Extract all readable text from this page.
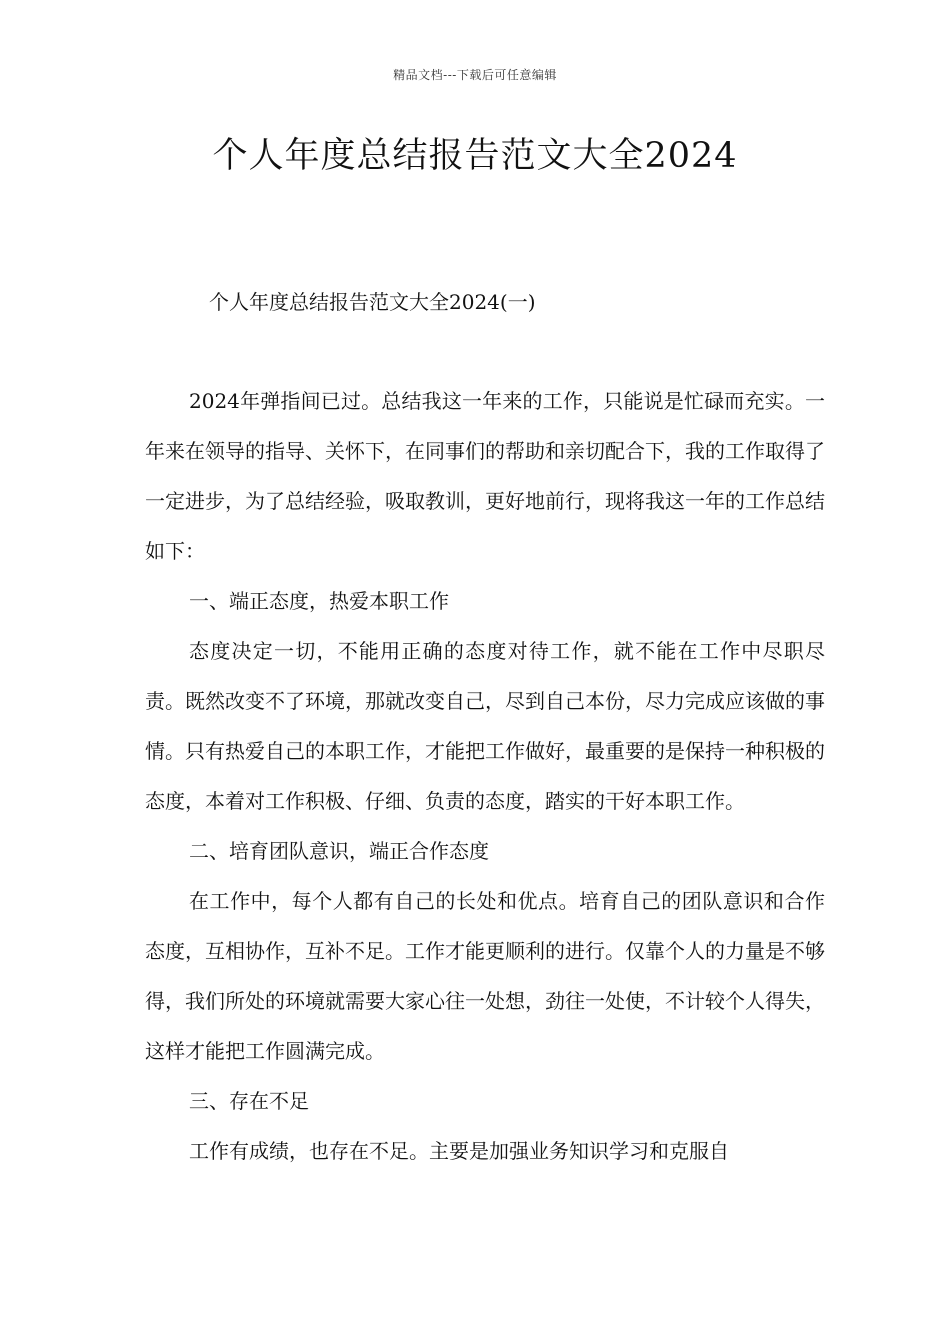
精品文档---下载后可任意编辑
个人年度总结报告范文大全2024
个人年度总结报告范文大全2024(一)

2024年弹指间已过。总结我这一年来的工作，只能说是忙碌而充实。一年来在领导的指导、关怀下，在同事们的帮助和亲切配合下，我的工作取得了一定进步，为了总结经验，吸取教训，更好地前行，现将我这一年的工作总结如下：

一、端正态度，热爱本职工作

态度决定一切，不能用正确的态度对待工作，就不能在工作中尽职尽责。既然改变不了环境，那就改变自己，尽到自己本份，尽力完成应该做的事情。只有热爱自己的本职工作，才能把工作做好，最重要的是保持一种积极的态度，本着对工作积极、仔细、负责的态度，踏实的干好本职工作。

二、培育团队意识，端正合作态度

在工作中，每个人都有自己的长处和优点。培育自己的团队意识和合作态度，互相协作，互补不足。工作才能更顺利的进行。仅靠个人的力量是不够得，我们所处的环境就需要大家心往一处想，劲往一处使，不计较个人得失，这样才能把工作圆满完成。

三、存在不足

工作有成绩，也存在不足。主要是加强业务知识学习和克服自
